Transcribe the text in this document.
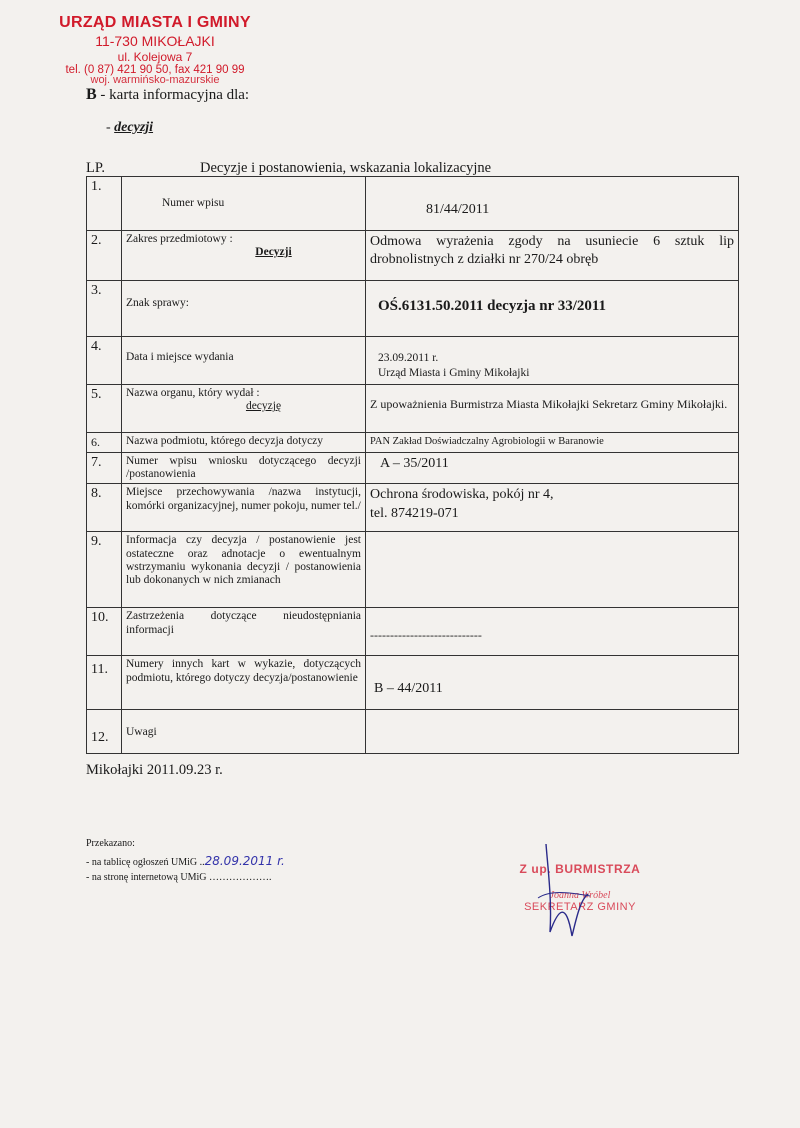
URZĄD MIASTA I GMINY
11-730 MIKOŁAJKI
ul. Kolejowa 7
tel. (0 87) 421 90 50, fax 421 90 99
woj. warmińsko-mazurskie
B - karta informacyjna dla:
- decyzji
LP.	Decyzje i postanowienia, wskazania lokalizacyjne
1.	Numer wpisu	81/44/2011

2.	Zakres przedmiotowy :
Decyzji	Odmowa wyrażenia zgody na usuniecie 6 sztuk lip drobnolistnych z działki nr 270/24 obręb
3.	Znak sprawy:	OŚ.6131.50.2011 decyzja nr 33/2011

4.	Data i miejsce wydania	23.09.2011 r.
Urząd Miasta i Gminy Mikołajki

5.	Nazwa organu, który wydał :
decyzję	Z upoważnienia Burmistrza Miasta Mikołajki Sekretarz Gminy Mikołajki.

6.	Nazwa podmiotu, którego decyzja dotyczy	PAN Zakład Doświadczalny Agrobiologii w Baranowie
7.	Numer wpisu wniosku dotyczącego decyzji /postanowienia	A – 35/2011

8.	Miejsce przechowywania /nazwa instytucji, komórki organizacyjnej, numer pokoju, numer tel./	Ochrona środowiska, pokój nr 4,
tel. 874219-071

9.	Informacja czy decyzja / postanowienie jest ostateczne oraz adnotacje o ewentualnym wstrzymaniu wykonania decyzji / postanowienia lub dokonanych w nich zmianach	
10.	Zastrzeżenia dotyczące nieudostępniania informacji	----------------------------

11.	Numery innych kart w wykazie, dotyczących podmiotu, którego dotyczy decyzja/postanowienie	B – 44/2011

12.	Uwagi	

Mikołajki 2011.09.23 r.
Przekazano:
- na tablicę ogłoszeń UMiG ..28.09.2011 r.
- na stronę internetową UMiG ……………….
Z up. BURMISTRZA
Joanna Wróbel
SEKRETARZ GMINY
